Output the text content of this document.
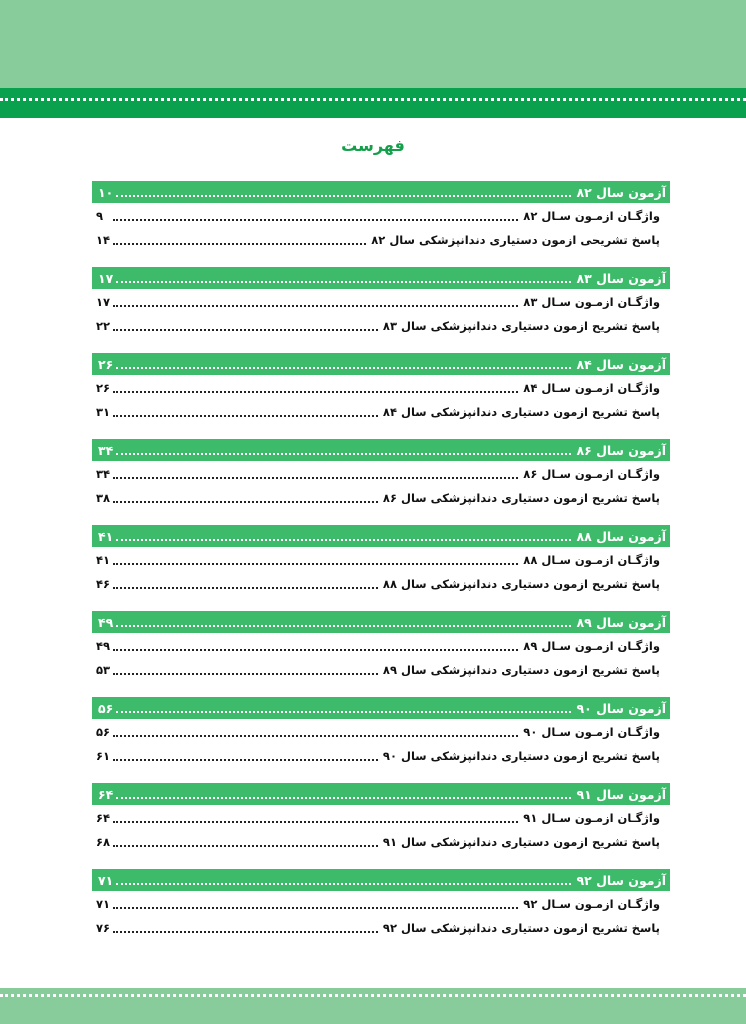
فهرست
آزمون سال ۸۲
۱۰
واژگـان ازمـون سـال ۸۲
۹
پاسخ تشریحی ازمون دستیاری دندانپزشکی سال ۸۲
۱۴
آزمون سال ۸۳
۱۷
واژگـان ازمـون سـال ۸۳
۱۷
پاسخ تشریح ازمون دستیاری دندانپزشکی سال ۸۳
۲۲
آزمون سال ۸۴
۲۶
واژگـان ازمـون سـال ۸۴
۲۶
پاسخ تشریح ازمون دستیاری دندانپزشکی سال ۸۴
۳۱
آزمون سال ۸۶
۳۴
واژگـان ازمـون سـال ۸۶
۳۴
پاسخ تشریح ازمون دستیاری دندانپزشکی سال ۸۶
۳۸
آزمون سال ۸۸
۴۱
واژگـان ازمـون سـال ۸۸
۴۱
پاسخ تشریح ازمون دستیاری دندانپزشکی سال ۸۸
۴۶
آزمون سال ۸۹
۴۹
واژگـان ازمـون سـال ۸۹
۴۹
پاسخ تشریح ازمون دستیاری دندانپزشکی سال ۸۹
۵۳
آزمون سال ۹۰
۵۶
واژگـان ازمـون سـال ۹۰
۵۶
پاسخ تشریح ازمون دستیاری دندانپزشکی سال ۹۰
۶۱
آزمون سال ۹۱
۶۴
واژگـان ازمـون سـال ۹۱
۶۴
پاسخ تشریح ازمون دستیاری دندانپزشکی سال ۹۱
۶۸
آزمون سال ۹۲
۷۱
واژگـان ازمـون سـال ۹۲
۷۱
پاسخ تشریح ازمون دستیاری دندانپزشکی سال ۹۲
۷۶
